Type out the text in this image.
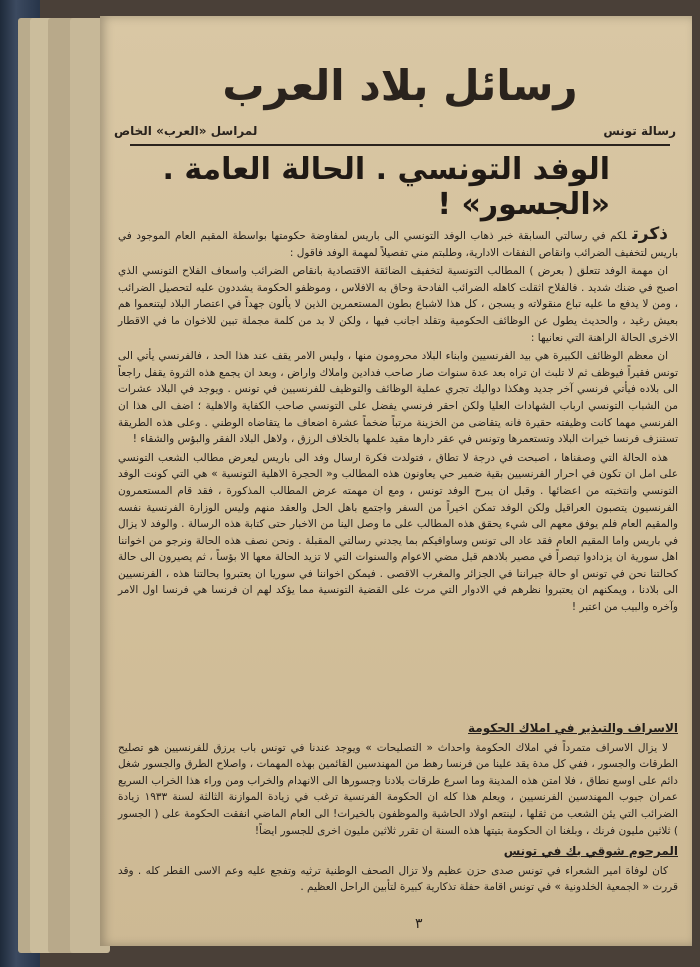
رسائل بلاد العرب
رسالة تونس
لمراسل «العرب» الخاص
الوفد التونسي . الحالة العامة . «الجسور» !

ذكرتلكم في رسالتي السابقة خبر ذهاب الوفد التونسي الى باريس لمفاوضة حكومتها بواسطة المقيم العام الموجود في باريس لتخفيف الضرائب وانقاص النفقات الادارية، وطلبتم مني تفصيلاً لمهمة الوفد فاقول :

ان مهمة الوفد تتعلق ( بعرض ) المطالب التونسية لتخفيف الضائقة الاقتصادية بانقاص الضرائب واسعاف الفلاح التونسي الذي اصبح في ضنك شديد . فالفلاح اثقلت كاهله الضرائب الفادحة وحاق به الافلاس ، وموظفو الحكومة يشددون عليه لتحصيل الضرائب ، ومن لا يدفع ما عليه تباع منقولاته و يسجن ، كل هذا لاشباع بطون المستعمرين الذين لا يألون جهداً في اعتصار البلاد ليتنعموا هم بعيش رغيد ، والحديث يطول عن الوظائف الحكومية وتقلد اجانب فيها ، ولكن لا بد من كلمة مجملة تبين للاخوان ما في الاقطار الاخرى الحالة الراهنة التي نعانيها :

ان معظم الوظائف الكبيرة هي بيد الفرنسيين وابناء البلاد محرومون منها ، وليس الامر يقف عند هذا الحد ، فالفرنسي يأتي الى تونس فقيراً فيوظف ثم لا تلبث ان تراه بعد عدة سنوات صار صاحب فدادين واملاك واراض ، وبعد ان يجمع هذه الثروة يقفل راجعاً الى بلاده فيأتي فرنسي آخر جديد وهكذا دواليك تجري عملية الوظائف والتوظيف للفرنسيين في تونس . ويوجد في البلاد عشرات من الشباب التونسي ارباب الشهادات العليا ولكن احقر فرنسي يفضل على التونسي صاحب الكفاية والاهلية ؛ اضف الى هذا ان الفرنسي مهما كانت وظيفته حقيرة فانه يتقاضى من الخزينة مرتباً ضخماً عشرة اضعاف ما يتقاضاه الوطني . وعلى هذه الطريقة تستنزف فرنسا خيرات البلاد وتستعمرها وتونس في عقر دارها مقيد علمها بالخلاف الرزق ، ولاهل البلاد الفقر والبؤس والشقاء !

هذه الحالة التي وصفناها ، اصبحت في درجة لا تطاق ، فتولدت فكرة ارسال وفد الى باريس ليعرض مطالب الشعب التونسي على امل ان تكون في احرار الفرنسيين بقية ضمير حي يعاونون هذه المطالب و« الحجرة الاهلية التونسية » هي التي كونت الوفد التونسي وانتخبته من اعضائها . وقبل ان يبرح الوفد تونس ، ومع ان مهمته عرض المطالب المذكورة ، فقد قام المستعمرون الفرنسيون يتصبون العراقيل ولكن الوفد تمكن اخيراً من السفر واجتمع باهل الحل والعقد منهم وليس الوزارة الفرنسية نفسه والمقيم العام فلم يوفق معهم الى شيء يحقق هذه المطالب على ما وصل الينا من الاخبار حتى كتابة هذه الرسالة . والوفد لا يزال في باريس واما المقيم العام فقد عاد الى تونس وساوافيكم بما يجدني رسالتي المقبلة . ونحن نصف هذه الحالة ونرجو من اخواننا اهل سورية ان يزدادوا تبصراً في مصير بلادهم قبل مضي الاعوام والسنوات التي لا تزيد الحالة معها الا بؤساً ، ثم يصيرون الى حالة كحالتنا نحن في تونس او حالة جيراننا في الجزائر والمغرب الاقصى . فيمكن اخواننا في سوريا ان يعتبروا بحالتنا هذه ، الفرنسيين الى بلادنا ، ويمكنهم ان يعتبروا نظرهم في الادوار التي مرت على القضية التونسية مما يؤكد لهم ان فرنسا هي فرنسا اول الامر وآخره والبيب من اعتبر !

الاسراف والتبذير في املاك الحكومة

لا يزال الاسراف متمرداً في املاك الحكومة واحداث « التصليحات » ويوجد عندنا في تونس باب يرزق للفرنسيين هو تصليح الطرقات والجسور ، ففي كل مدة يقد علينا من فرنسا رهط من المهندسين القائمين بهذه المهمات ، واصلاح الطرق والجسور شغل دائم على اوسع نطاق ، فلا امتن هذه المدينة وما اسرع طرقات بلادنا وجسورها الى الانهدام والخراب ومن وراء هذا الخراب السريع عمران جيوب المهندسين الفرنسيين ، ويعلم هذا كله ان الحكومة الفرنسية ترغب في زيادة الموازنة الثالثة لسنة ١٩٣٣ زيادة الضرائب التي يئن الشعب من ثقلها ، لينتعم اولاد الحاشية والموظفون بالخيرات! الى العام الماضي انفقت الحكومة على ( الجسور ) ثلاثين مليون فرنك ، وبلغنا ان الحكومة بتيتها هذه السنة ان تقرر ثلاثين مليون اخرى للجسور ايضاً!

المرحوم شوقي بك في تونس

كان لوفاة امير الشعراء في تونس صدى حزن عظيم ولا تزال الصحف الوطنية ترثيه وتفجع عليه وعم الاسى القطر كله . وقد قررت « الجمعية الخلدونية » في تونس اقامة حفلة تذكارية كبيرة لتأبين الراحل العظيم .

٣
